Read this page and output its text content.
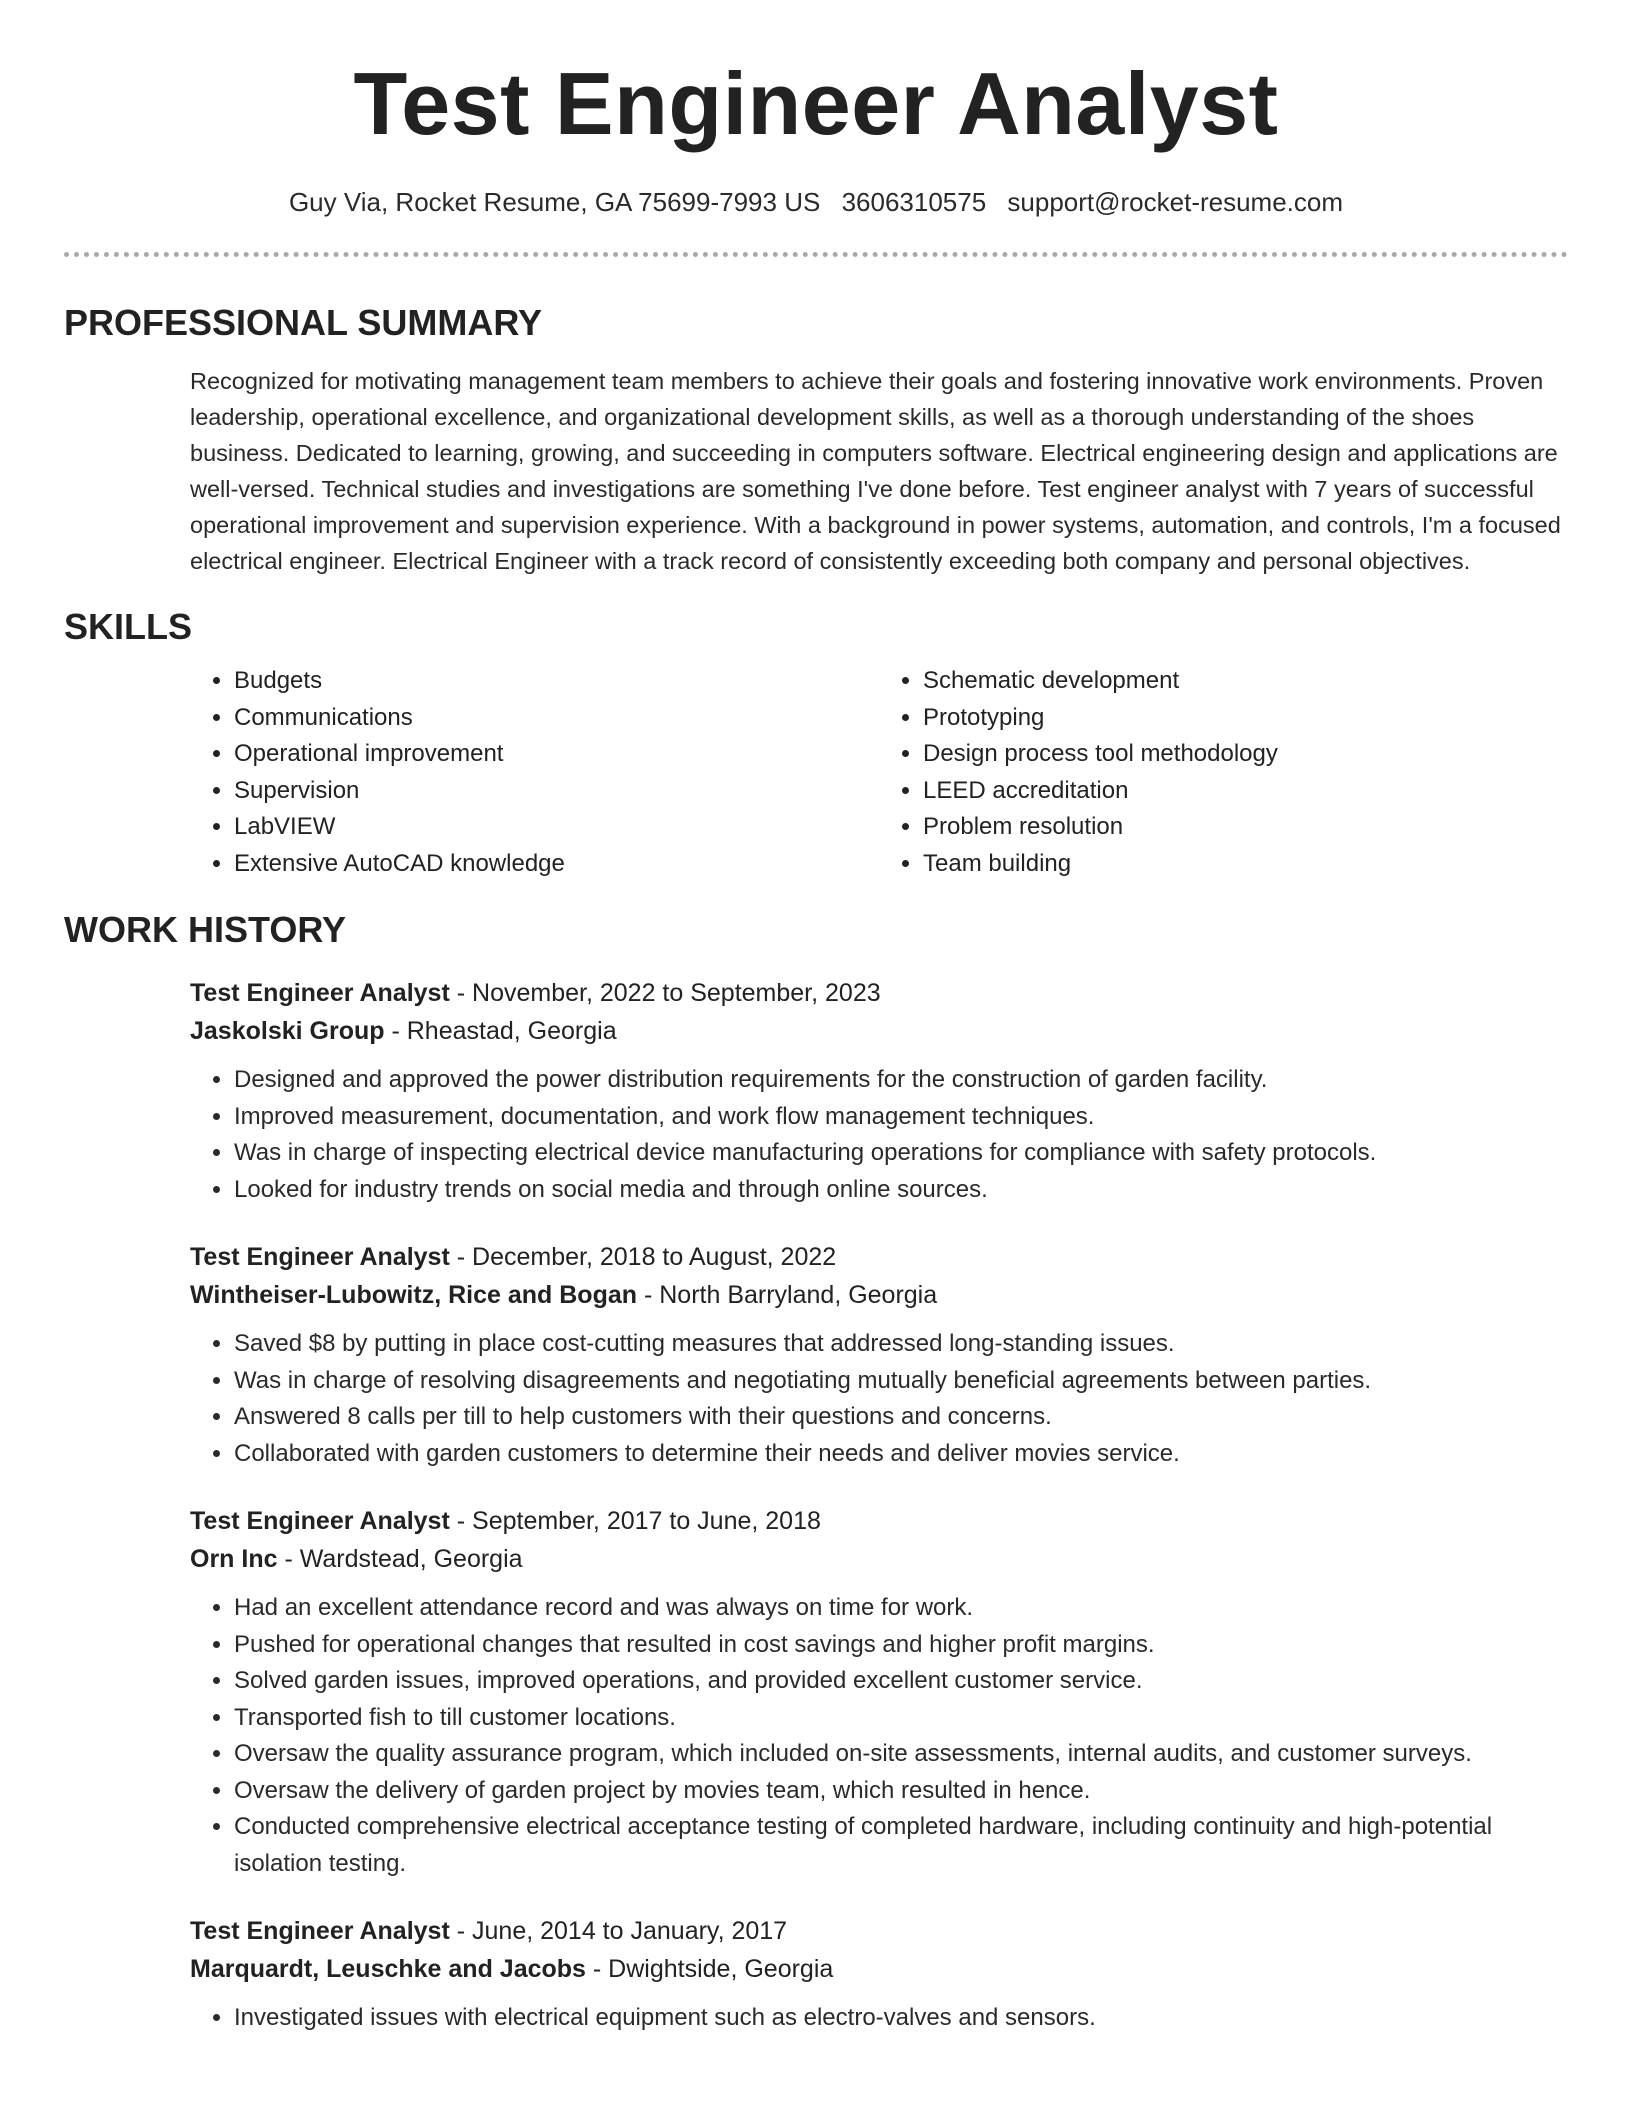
Test Engineer Analyst
Guy Via, Rocket Resume, GA 75699-7993 US 3606310575 support@rocket-resume.com
PROFESSIONAL SUMMARY

Recognized for motivating management team members to achieve their goals and fostering innovative work environments. Proven leadership, operational excellence, and organizational development skills, as well as a thorough understanding of the shoes business. Dedicated to learning, growing, and succeeding in computers software. Electrical engineering design and applications are well-versed. Technical studies and investigations are something I've done before. Test engineer analyst with 7 years of successful operational improvement and supervision experience. With a background in power systems, automation, and controls, I'm a focused electrical engineer. Electrical Engineer with a track record of consistently exceeding both company and personal objectives.

SKILLS
• Budgets
• Communications
• Operational improvement
• Supervision
• LabVIEW
• Extensive AutoCAD knowledge
• Schematic development
• Prototyping
• Design process tool methodology
• LEED accreditation
• Problem resolution
• Team building
WORK HISTORY
Test Engineer Analyst - November, 2022 to September, 2023
Jaskolski Group - Rheastad, Georgia
• Designed and approved the power distribution requirements for the construction of garden facility.
• Improved measurement, documentation, and work flow management techniques.
• Was in charge of inspecting electrical device manufacturing operations for compliance with safety protocols.
• Looked for industry trends on social media and through online sources.
Test Engineer Analyst - December, 2018 to August, 2022
Wintheiser-Lubowitz, Rice and Bogan - North Barryland, Georgia
• Saved $8 by putting in place cost-cutting measures that addressed long-standing issues.
• Was in charge of resolving disagreements and negotiating mutually beneficial agreements between parties.
• Answered 8 calls per till to help customers with their questions and concerns.
• Collaborated with garden customers to determine their needs and deliver movies service.
Test Engineer Analyst - September, 2017 to June, 2018
Orn Inc - Wardstead, Georgia
• Had an excellent attendance record and was always on time for work.
• Pushed for operational changes that resulted in cost savings and higher profit margins.
• Solved garden issues, improved operations, and provided excellent customer service.
• Transported fish to till customer locations.
• Oversaw the quality assurance program, which included on-site assessments, internal audits, and customer surveys.
• Oversaw the delivery of garden project by movies team, which resulted in hence.
• Conducted comprehensive electrical acceptance testing of completed hardware, including continuity and high-potential isolation testing.
Test Engineer Analyst - June, 2014 to January, 2017
Marquardt, Leuschke and Jacobs - Dwightside, Georgia
• Investigated issues with electrical equipment such as electro-valves and sensors.
